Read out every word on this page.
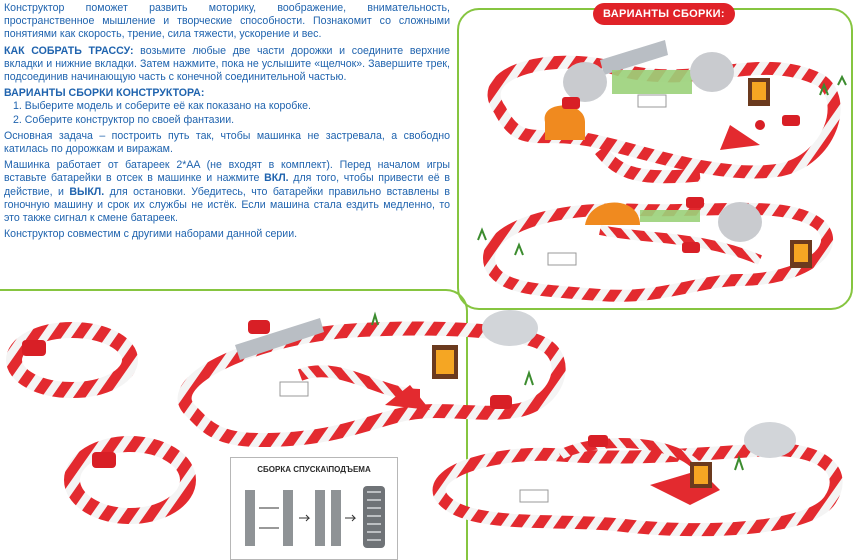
Конструктор поможет развить моторику, воображение, внимательность, пространственное мышление и творческие способности. Познакомит со сложными понятиями как скорость, трение, сила тяжести, ускорение и вес.

КАК СОБРАТЬ ТРАССУ: возьмите любые две части дорожки и соедините верхние вкладки и нижние вкладки. Затем нажмите, пока не услышите «щелчок». Завершите трек, подсоединив начинающую часть с конечной соединительной частью.

ВАРИАНТЫ СБОРКИ КОНСТРУКТОРА:

1. Выберите модель и соберите её как показано на коробке.
2. Соберите конструктор по своей фантазии.

Основная задача – построить путь так, чтобы машинка не застревала, а свободно катилась по дорожкам и виражам.

Машинка работает от батареек 2*AA (не входят в комплект). Перед началом игры вставьте батарейки в отсек в машинке и нажмите ВКЛ. для того, чтобы привести её в действие, и ВЫКЛ. для остановки. Убедитесь, что батарейки правильно вставлены в гоночную машину и срок их службы не истёк. Если машина стала ездить медленно, то это также сигнал к смене батареек.

Конструктор совместим с другими наборами данной серии.

ВАРИАНТЫ СБОРКИ:
СБОРКА СПУСКА\ПОДЪЕМА
